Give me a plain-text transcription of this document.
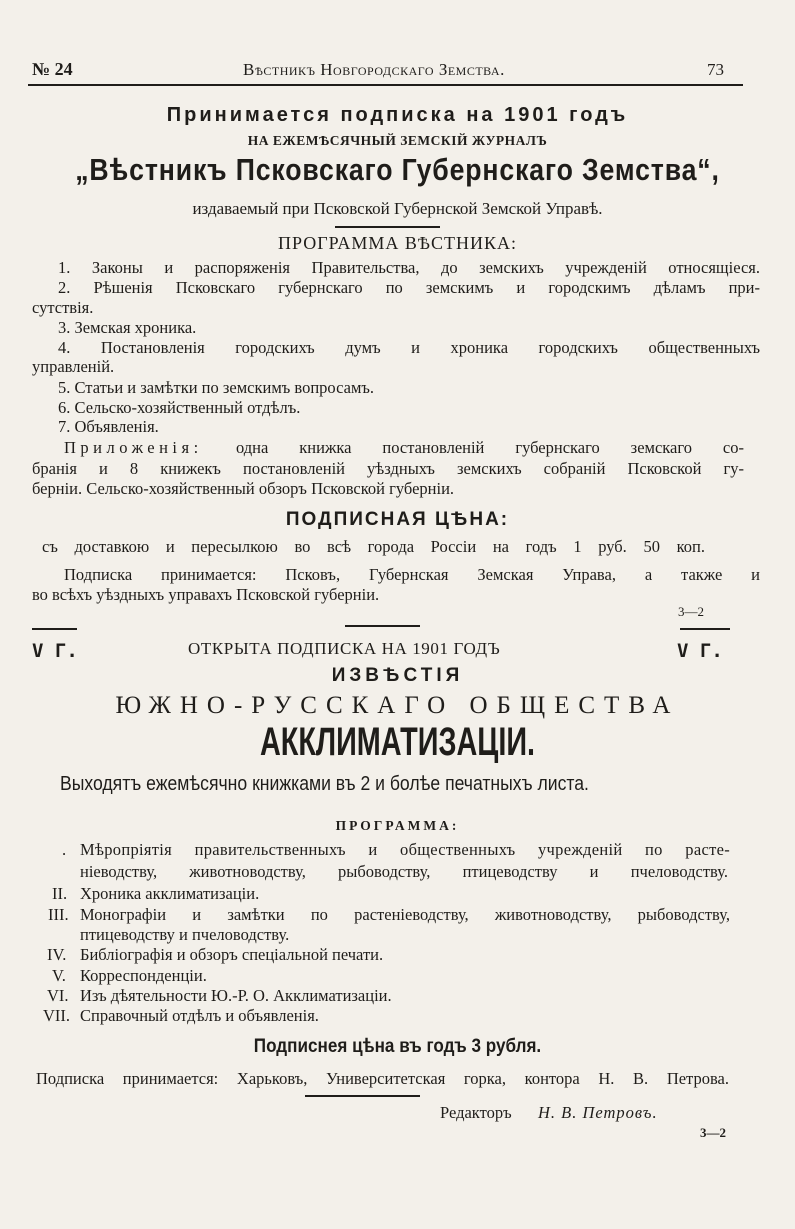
№ 24	Вѣстникъ Новгородскаго Земства.	73
Принимается подписка на 1901 годъ
НА ЕЖЕМѢСЯЧНЫЙ ЗЕМСКІЙ ЖУРНАЛЪ
„Вѣстникъ Псковскаго Губернскаго Земства“,
издаваемый при Псковской Губернской Земской Управѣ.
ПРОГРАММА ВѢСТНИКА:
1. Законы и распоряженія Правительства, до земскихъ учрежденій относящіеся.
2. Рѣшенія Псковскаго губернскаго по земскимъ и городскимъ дѣламъ при-
сутствія.
3. Земская хроника.
4. Постановленія городскихъ думъ и хроника городскихъ общественныхъ
управленій.
5. Статьи и замѣтки по земскимъ вопросамъ.
6. Сельско-хозяйственный отдѣлъ.
7. Объявленія.
Приложенія: одна книжка постановленій губернскаго земскаго со-
бранія и 8 книжекъ постановленій уѣздныхъ земскихъ собраній Псковской гу-
берніи. Сельско-хозяйственный обзоръ Псковской губерніи.
ПОДПИСНАЯ ЦѢНА:
съ доставкою и пересылкою во всѣ города Россіи на годъ 1 руб. 50 коп.
Подписка принимается: Псковъ, Губернская Земская Управа, а также и
во всѣхъ уѣздныхъ управахъ Псковской губерніи.
3—2
V Г.	ОТКРЫТА ПОДПИСКА НА 1901 ГОДЪ	V Г.
ИЗВѢСТІЯ
ЮЖНО-РУССКАГО ОБЩЕСТВА
АККЛИМАТИЗАЦІИ.
Выходятъ ежемѣсячно книжками въ 2 и болѣе печатныхъ листа.
ПРОГРАММА:
. Мѣропріятія правительственныхъ и общественныхъ учрежденій по расте-
ніеводству, животноводству, рыбоводству, птицеводству и пчеловодству.
II. Хроника акклиматизаціи.
III. Монографіи и замѣтки по растеніеводству, животноводству, рыбоводству,
птицеводству и пчеловодству.
IV. Библіографія и обзоръ спеціальной печати.
V. Корреспонденціи.
VI. Изъ дѣятельности Ю.-Р. О. Акклиматизаціи.
VII. Справочный отдѣлъ и объявленія.
Подписнея цѣна въ годъ 3 рубля.
Подписка принимается: Харьковъ, Университетская горка, контора Н. В. Петрова.
Редакторъ Н. В. Петровъ.
3—2
